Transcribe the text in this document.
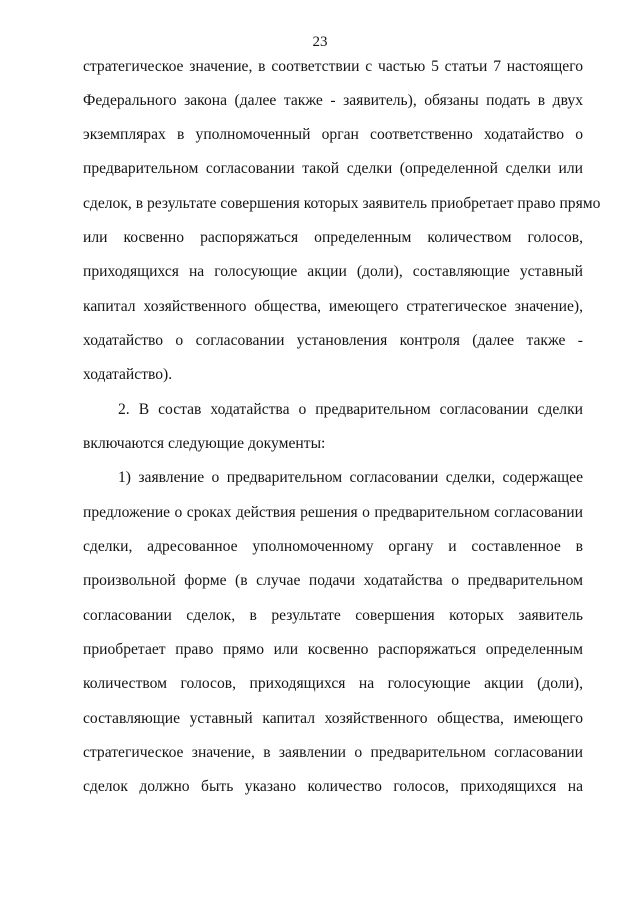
23
стратегическое значение, в соответствии с частью 5 статьи 7 настоящего
Федерального закона (далее также - заявитель), обязаны подать в двух
экземплярах в уполномоченный орган соответственно ходатайство о
предварительном согласовании такой сделки (определенной сделки или
сделок, в результате совершения которых заявитель приобретает право прямо
или косвенно распоряжаться определенным количеством голосов,
приходящихся на голосующие акции (доли), составляющие уставный
капитал хозяйственного общества, имеющего стратегическое значение),
ходатайство о согласовании установления контроля (далее также -
ходатайство).
2. В состав ходатайства о предварительном согласовании сделки
включаются следующие документы:
1) заявление о предварительном согласовании сделки, содержащее
предложение о сроках действия решения о предварительном согласовании
сделки, адресованное уполномоченному органу и составленное в
произвольной форме (в случае подачи ходатайства о предварительном
согласовании сделок, в результате совершения которых заявитель
приобретает право прямо или косвенно распоряжаться определенным
количеством голосов, приходящихся на голосующие акции (доли),
составляющие уставный капитал хозяйственного общества, имеющего
стратегическое значение, в заявлении о предварительном согласовании
сделок должно быть указано количество голосов, приходящихся на
